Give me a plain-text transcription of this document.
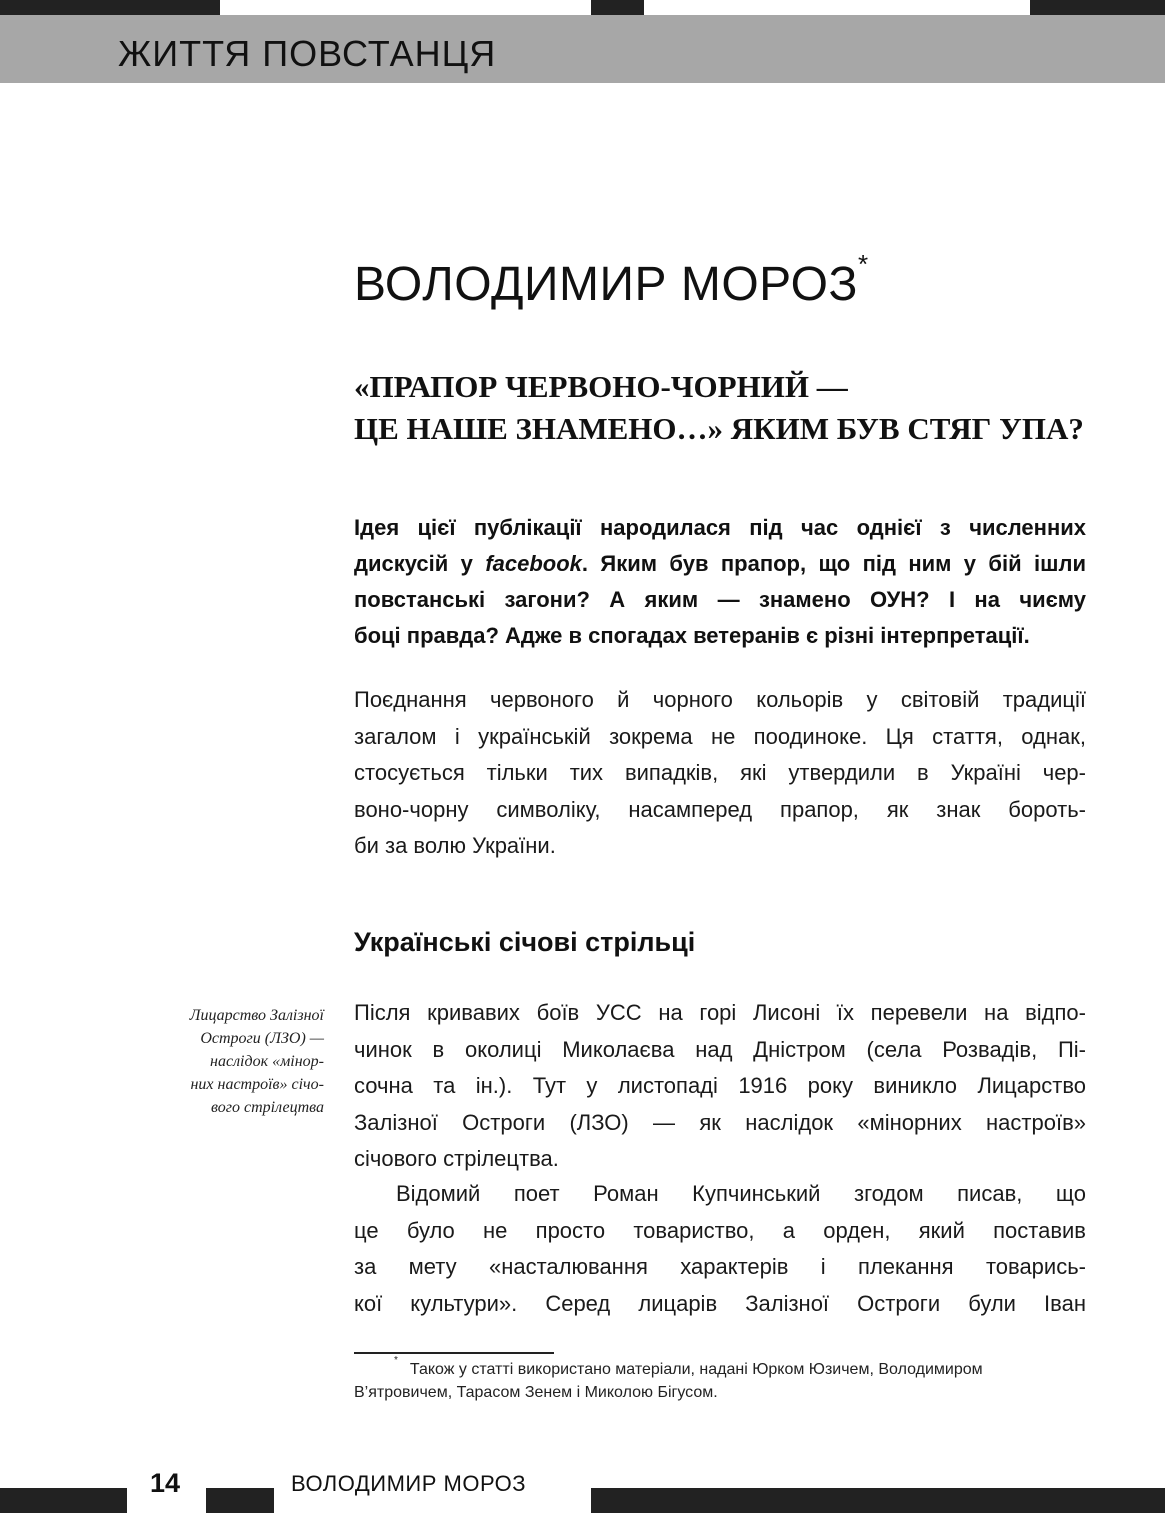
ЖИТТЯ ПОВСТАНЦЯ
ВОЛОДИМИР МОРОЗ*
«ПРАПОР ЧЕРВОНО-ЧОРНИЙ —
ЦЕ НАШЕ ЗНАМЕНО…» ЯКИМ БУВ СТЯГ УПА?

Ідея цієї публікації народилася під час однієї з численних
дискусій у facebook. Яким був прапор, що під ним у бій ішли
повстанські загони? А яким — знамено ОУН? І на чиєму
боці правда? Адже в спогадах ветеранів є різні інтерпретації.

Поєднання червоного й чорного кольорів у світовій традиції
загалом і українській зокрема не поодиноке. Ця стаття, однак,
стосується тільки тих випадків, які утвердили в Україні чер-
воно-чорну символіку, насамперед прапор, як знак бороть-
би за волю України.

Українські січові стрільці

Лицарство Залізної
Остроги (ЛЗО) —
наслідок «мінор-
них настроїв» січо-
вого стрілецтва

Після кривавих боїв УСС на горі Лисоні їх перевели на відпо-
чинок в околиці Миколаєва над Дністром (села Розвадів, Пі-
сочна та ін.). Тут у листопаді 1916 року виникло Лицарство
Залізної Остроги (ЛЗО) — як наслідок «мінорних настроїв»
січового стрілецтва.

Відомий поет Роман Купчинський згодом писав, що
це було не просто товариство, а орден, який поставив
за мету «насталювання характерів і плекання товарись-
кої культури». Серед лицарів Залізної Остроги були Іван

*Також у статті використано матеріали, надані Юрком Юзичем, Володимиром
В’ятровичем, Тарасом Зенем і Миколою Бігусом.

14	ВОЛОДИМИР МОРОЗ
